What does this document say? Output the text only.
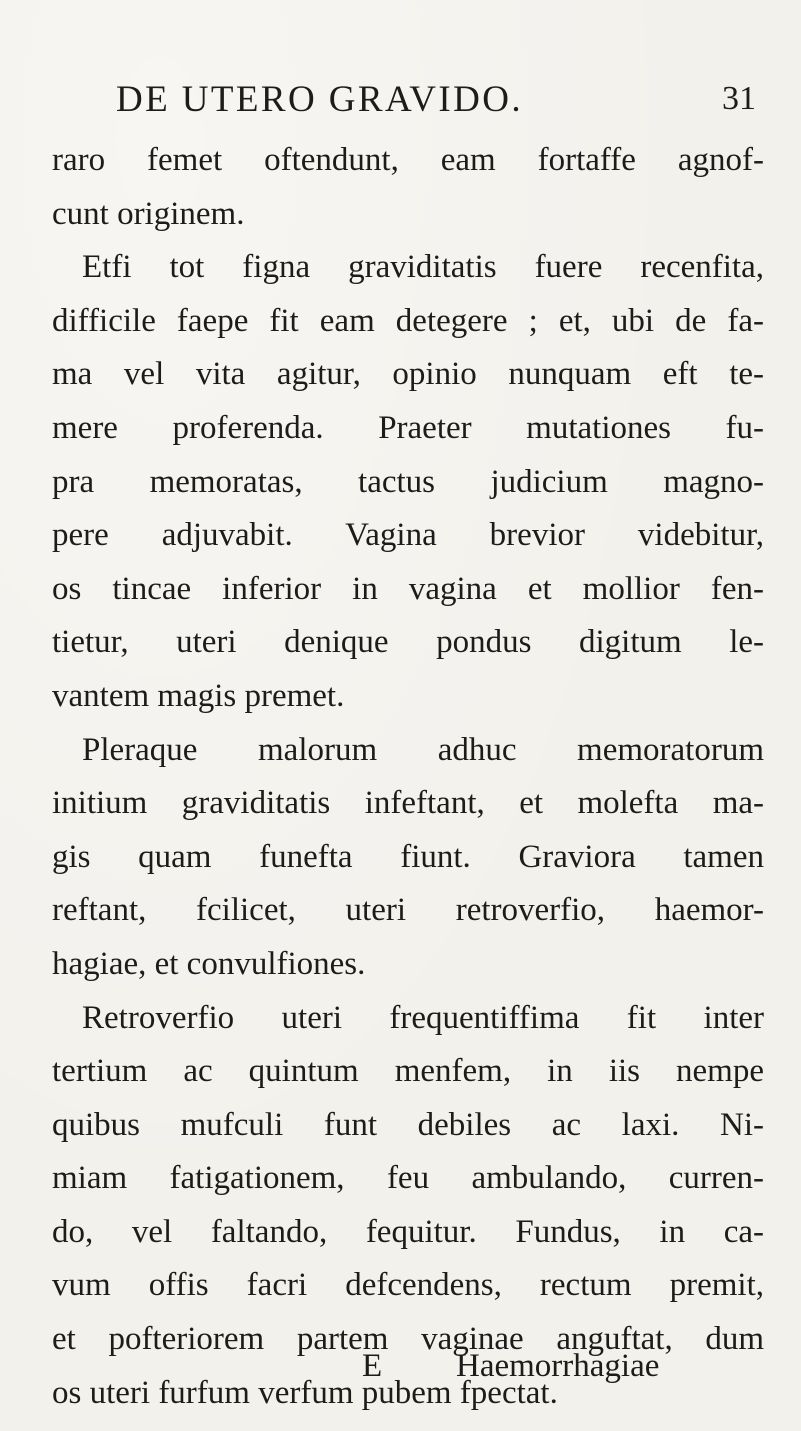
DE UTERO GRAVIDO.	31
raro femet oftendunt, eam fortaffe agnof-
cunt originem.
Etfi tot figna graviditatis fuere recenfita,
difficile faepe fit eam detegere ; et, ubi de fa-
ma vel vita agitur, opinio nunquam eft te-
mere proferenda. Praeter mutationes fu-
pra memoratas, tactus judicium magno-
pere adjuvabit. Vagina brevior videbitur,
os tincae inferior in vagina et mollior fen-
tietur, uteri denique pondus digitum le-
vantem magis premet.
Pleraque malorum adhuc memoratorum
initium graviditatis infeftant, et molefta ma-
gis quam funefta fiunt. Graviora tamen
reftant, fcilicet, uteri retroverfio, haemor-
hagiae, et convulfiones.
Retroverfio uteri frequentiffima fit inter
tertium ac quintum menfem, in iis nempe
quibus mufculi funt debiles ac laxi. Ni-
miam fatigationem, feu ambulando, curren-
do, vel faltando, fequitur. Fundus, in ca-
vum offis facri defcendens, rectum premit,
et pofteriorem partem vaginae anguftat, dum
os uteri furfum verfum pubem fpectat.
E Haemorrhagiae
